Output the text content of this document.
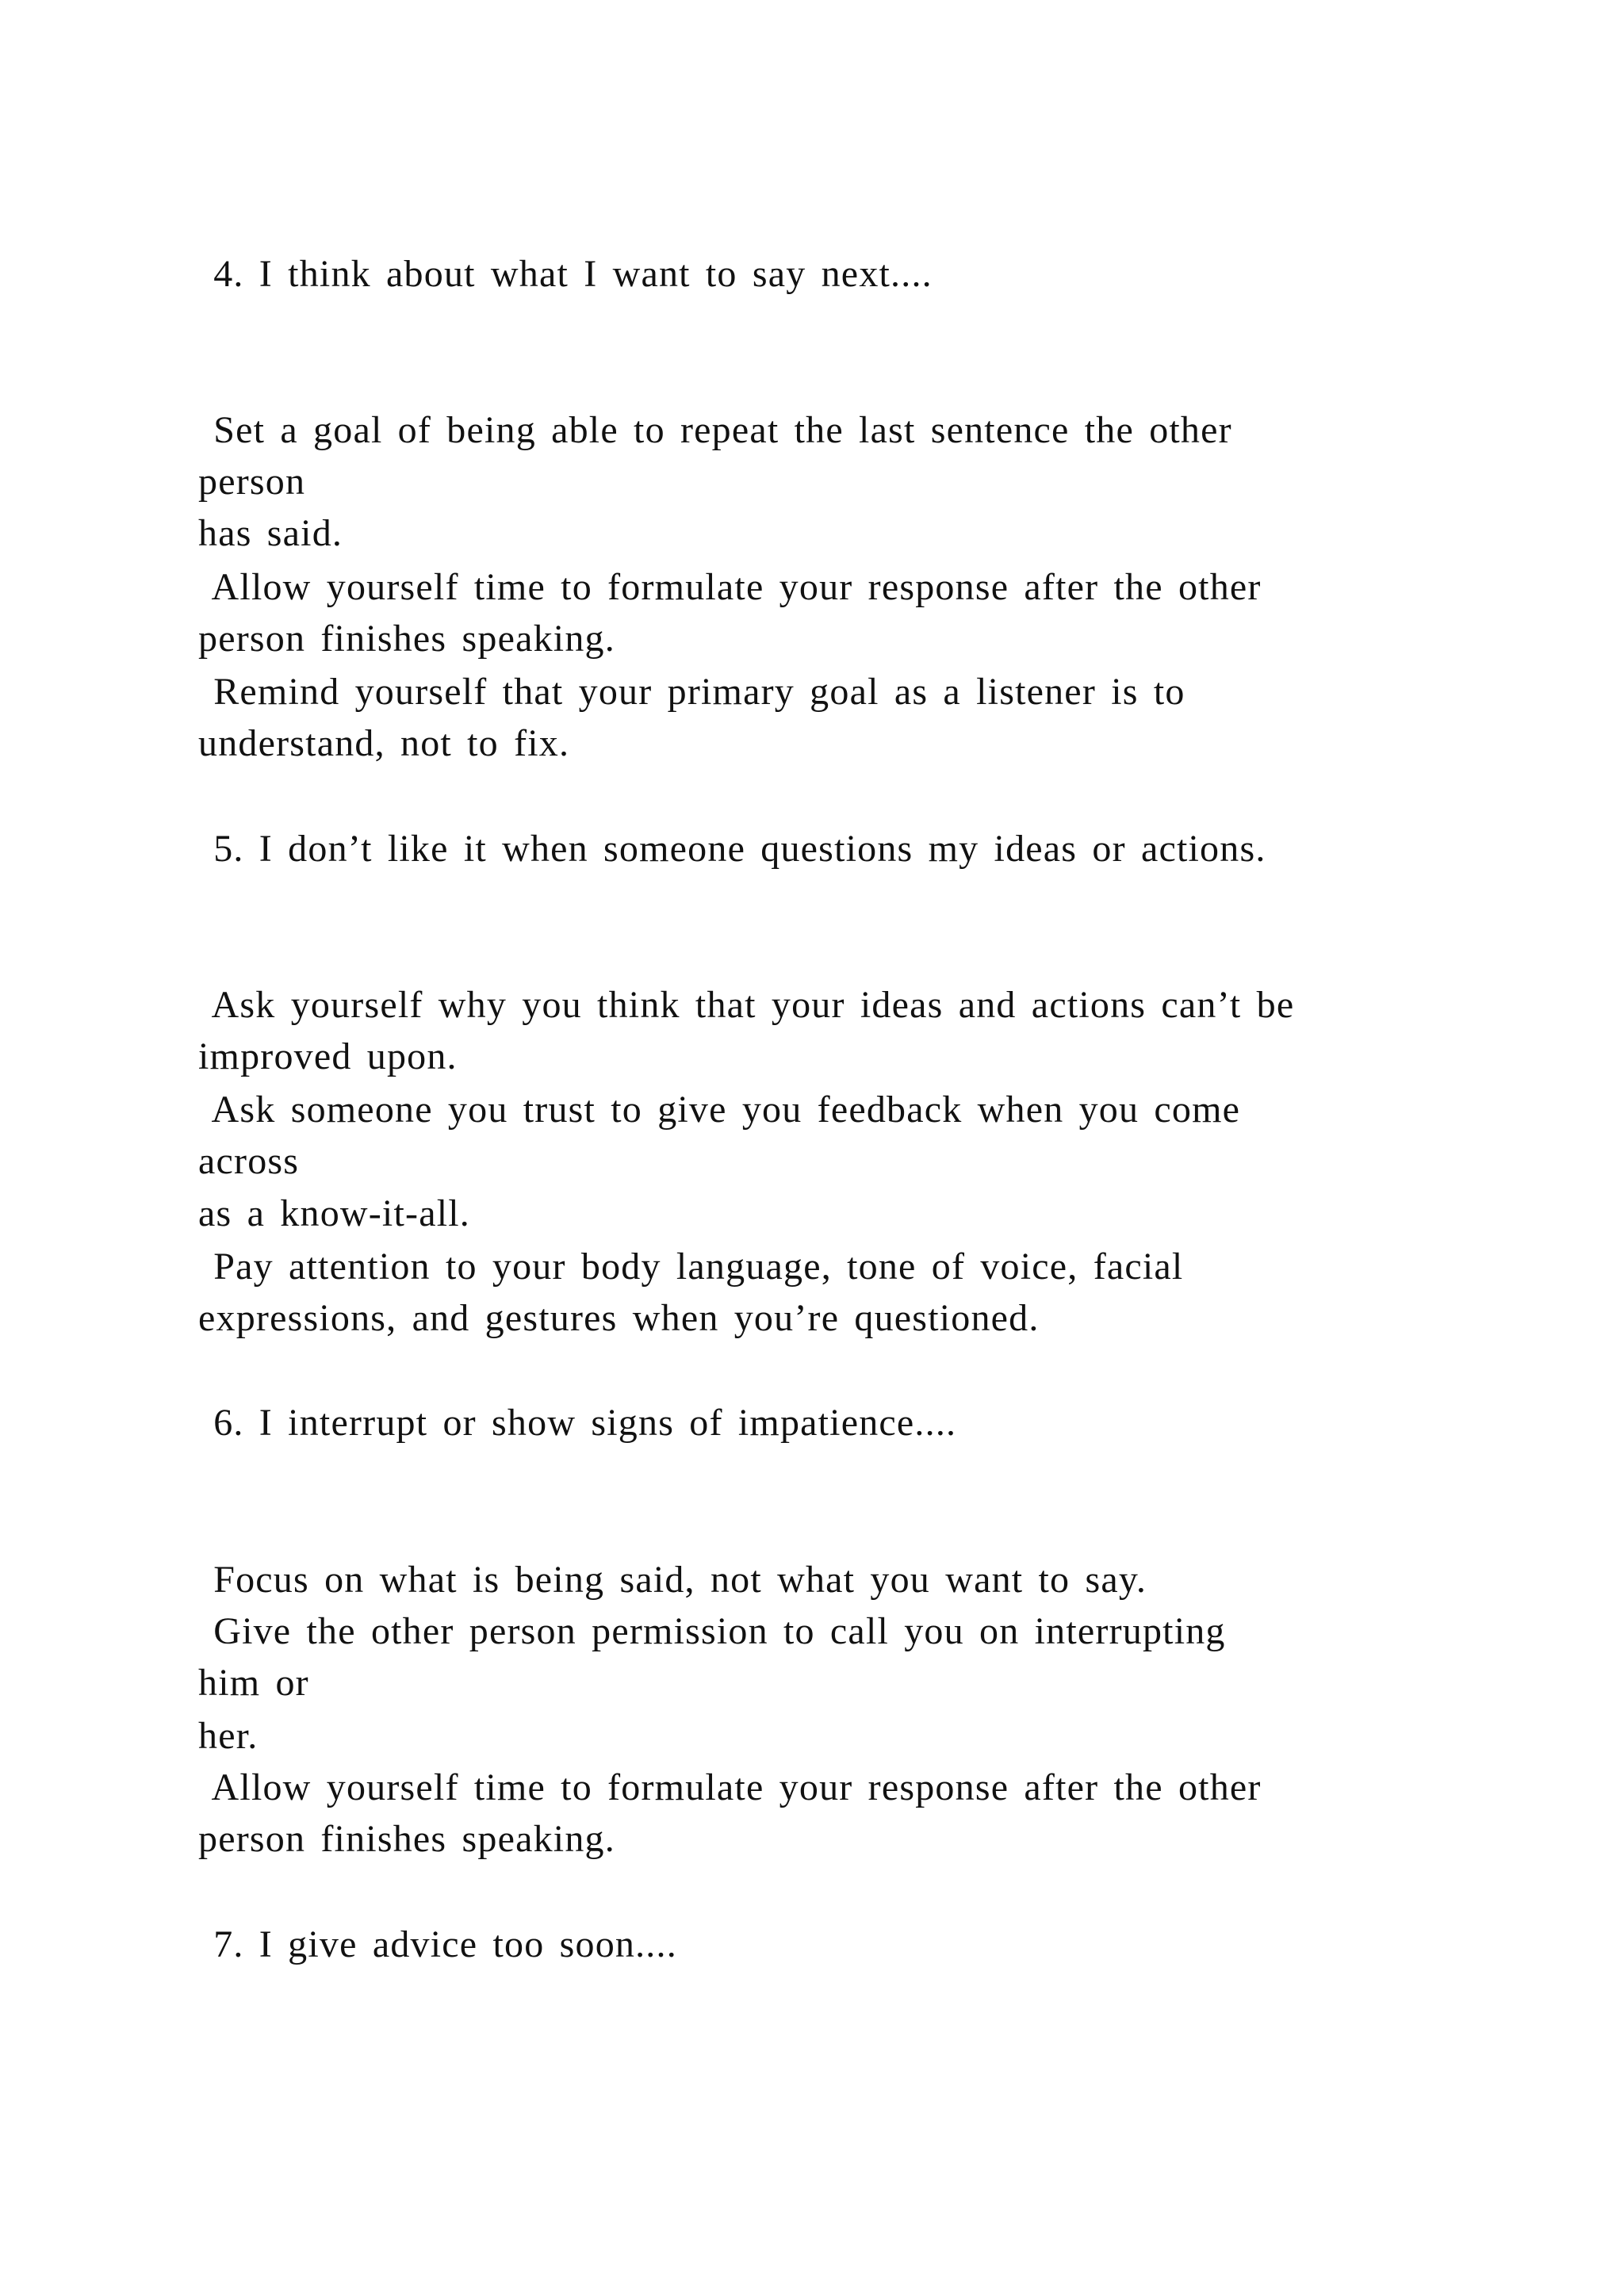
4. I think about what I want to say next....
Set a goal of being able to repeat the last sentence the other
person
has said.
Allow yourself time to formulate your response after the other
person finishes speaking.
Remind yourself that your primary goal as a listener is to
understand, not to fix.
5. I don’t like it when someone questions my ideas or actions.
Ask yourself why you think that your ideas and actions can’t be
improved upon.
Ask someone you trust to give you feedback when you come
across
as a know-it-all.
Pay attention to your body language, tone of voice, facial
expressions, and gestures when you’re questioned.
6. I interrupt or show signs of impatience....
Focus on what is being said, not what you want to say.
Give the other person permission to call you on interrupting
him or
her.
Allow yourself time to formulate your response after the other
person finishes speaking.
7. I give advice too soon....
